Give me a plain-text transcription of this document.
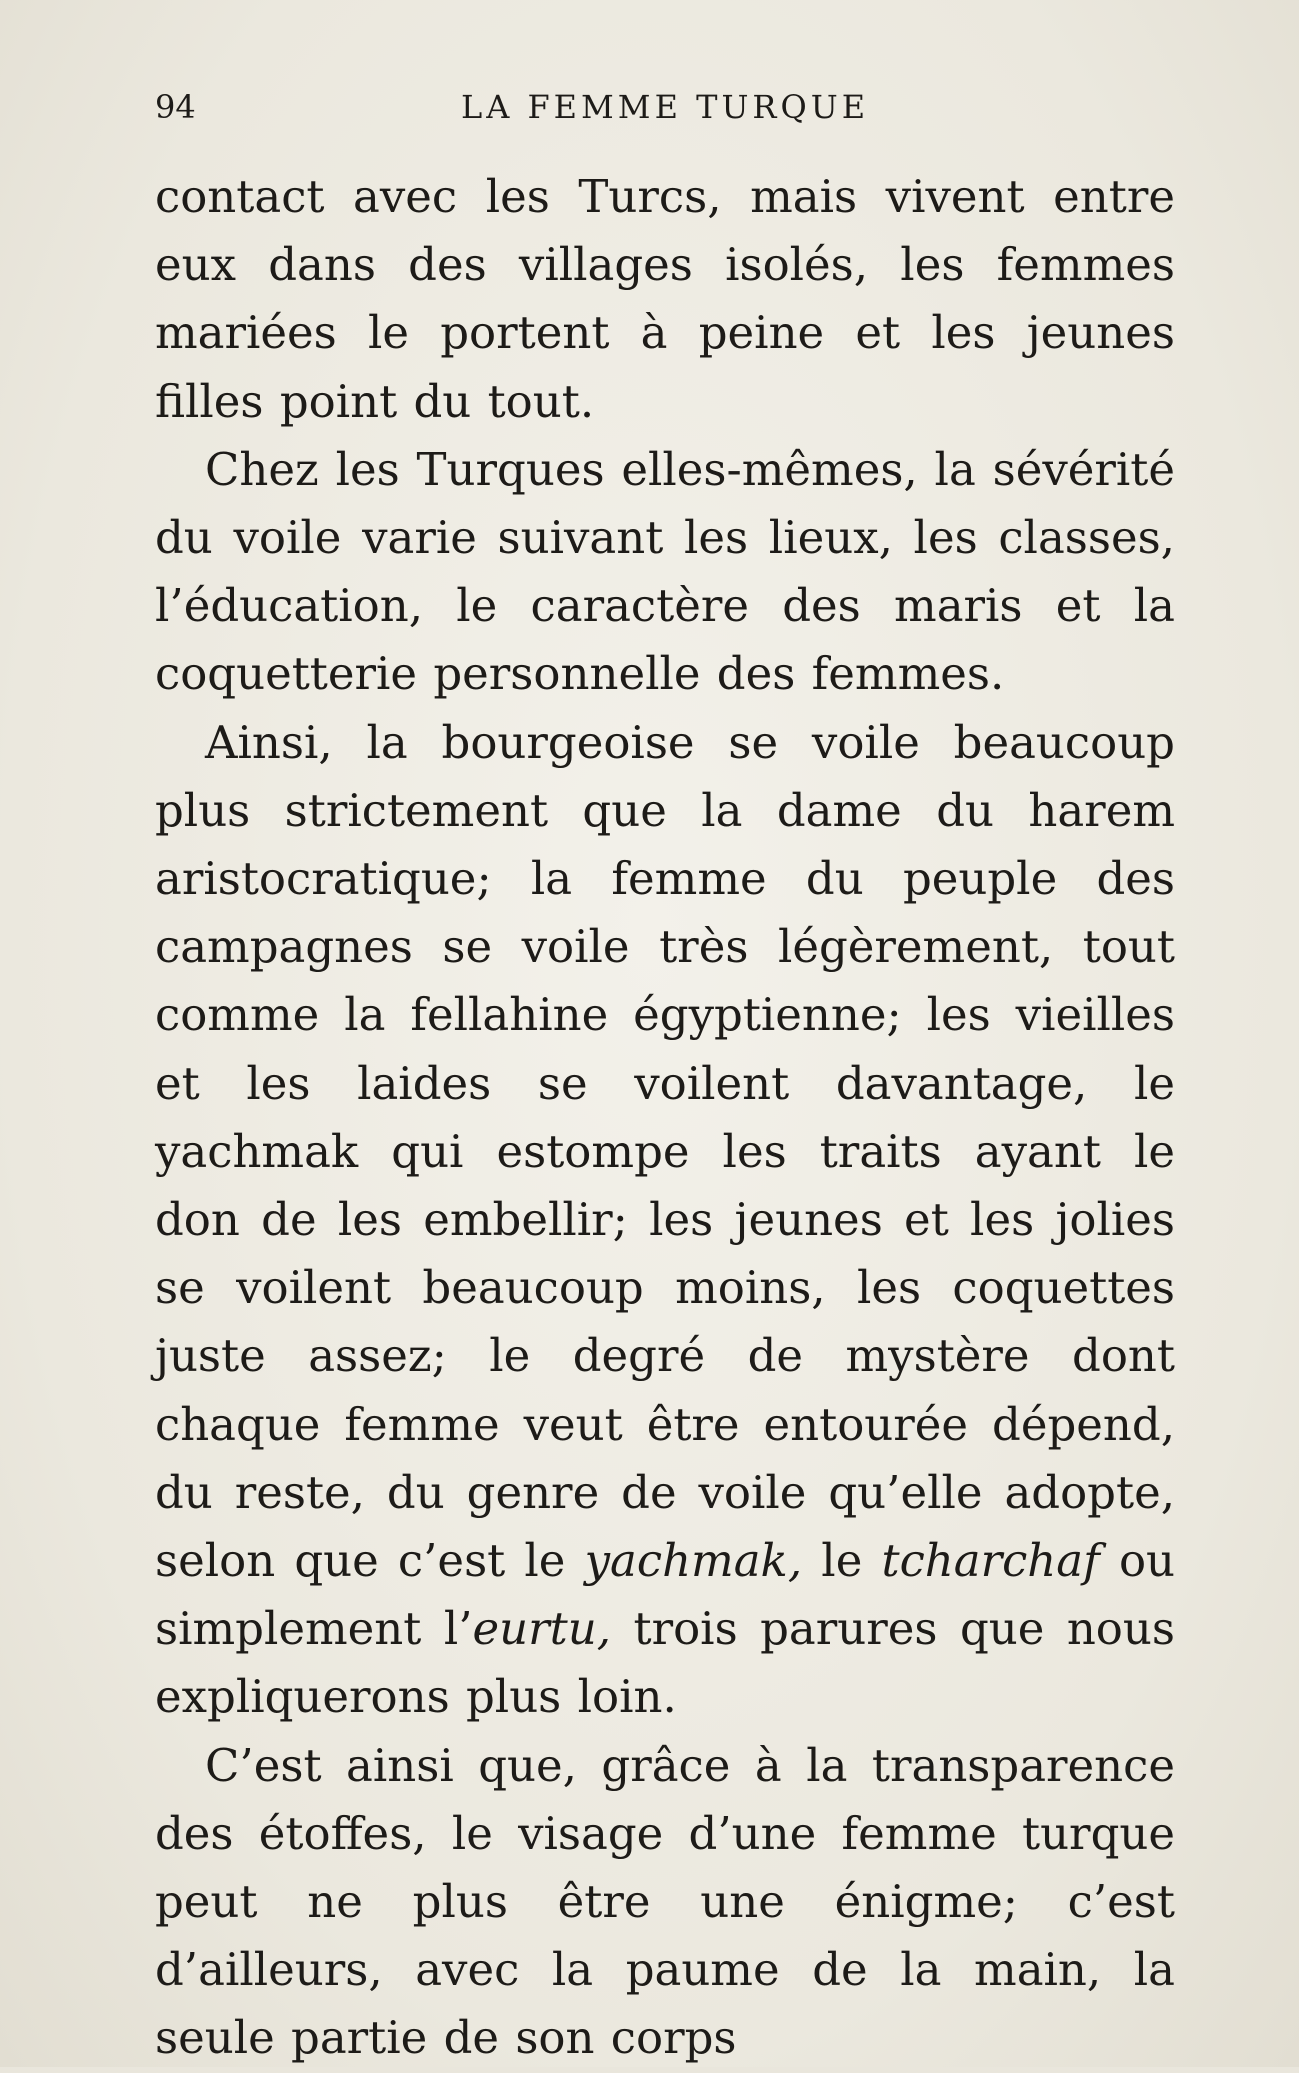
94	LA FEMME TURQUE

contact avec les Turcs, mais vivent entre eux dans des villages isolés, les femmes mariées le portent à peine et les jeunes filles point du tout.

Chez les Turques elles-mêmes, la sévérité du voile varie suivant les lieux, les classes, l’éducation, le caractère des maris et la coquetterie personnelle des femmes.

Ainsi, la bourgeoise se voile beaucoup plus strictement que la dame du harem aristocratique; la femme du peuple des campagnes se voile très légèrement, tout comme la fellahine égyptienne; les vieilles et les laides se voilent davantage, le yachmak qui estompe les traits ayant le don de les embellir; les jeunes et les jolies se voilent beaucoup moins, les coquettes juste assez; le degré de mystère dont chaque femme veut être entourée dépend, du reste, du genre de voile qu’elle adopte, selon que c’est le yachmak, le tcharchaf ou simplement l’eurtu, trois parures que nous expliquerons plus loin.

C’est ainsi que, grâce à la transparence des étoffes, le visage d’une femme turque peut ne plus être une énigme; c’est d’ailleurs, avec la paume de la main, la seule partie de son corps
